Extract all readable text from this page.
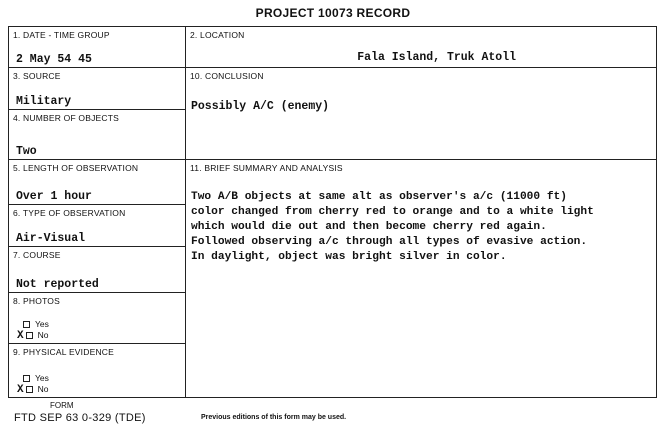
PROJECT 10073 RECORD
1. DATE - TIME GROUP
2 May 54 45
3. SOURCE
Military
4. NUMBER OF OBJECTS
Two
5. LENGTH OF OBSERVATION
Over 1 hour
6. TYPE OF OBSERVATION
Air-Visual
7. COURSE
Not reported
8. PHOTOS
Yes
X No
9. PHYSICAL EVIDENCE
Yes
X No
2. LOCATION
Fala Island, Truk Atoll
10. CONCLUSION
Possibly A/C (enemy)
11. BRIEF SUMMARY AND ANALYSIS
Two A/B objects at same alt as observer's a/c (11000 ft)
color changed from cherry red to orange and to a white light
which would die out and then become cherry red again.
Followed observing a/c through all types of evasive action.
In daylight, object was bright silver in color.
FORM
FTD SEP 63 0-329 (TDE)	Previous editions of this form may be used.
